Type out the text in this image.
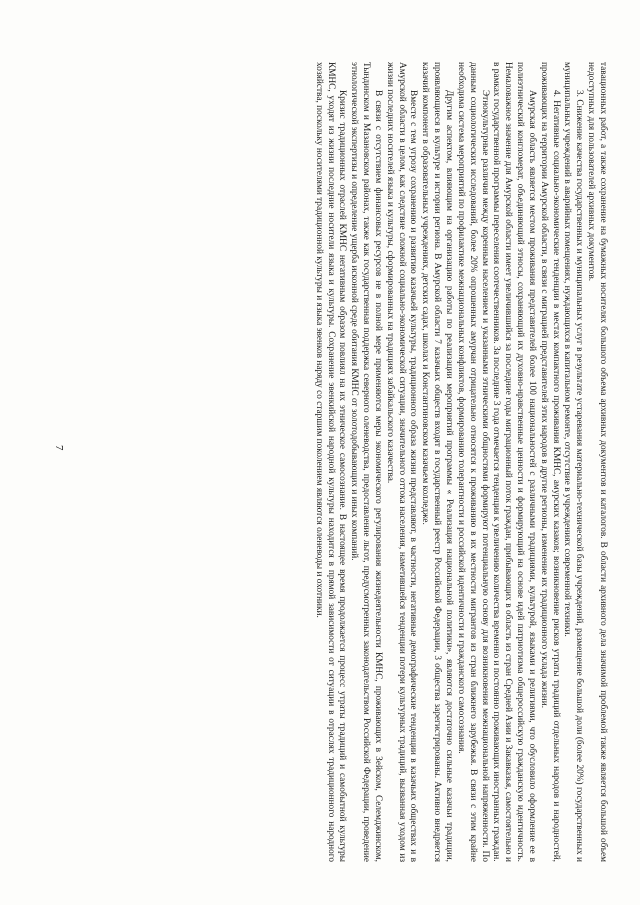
7	тавационных работ, а также сохранение на бумажных носителях большого объема архивных документов и каталогов. В области архивного дела значимой проблемой также является большой объем недоступных для пользователей архивных документов.

3. Снижение качества государственных и муниципальных услуг в результате устаревания материально-технической базы учреждений, размещение большой доли (более 20%) государственных и муниципальных учреждений в аварийных помещениях, нуждающихся в капитальном ремонте, отсутствие в учреждениях современной техники.

4. Негативные социально-экономические тенденции в местах компактного проживания КМНС, амурских казаков; возникновение рисков утраты традиций отдельных народов и народностей, проживающих на территории Амурской области, в связи с миграцией представителей этих народов в другие регионы, изменение их традиционного уклада жизни.

Амурская область является местом проживания представителей более 100 национальностей с различными традициями, культурой, языками и религиями, что обусловило оформление ее в полиэтнический конгломерат, объединяющий этносы, сохраняющий их духовно-нравственные ценности и формирующий на основе идей патриотизма общероссийскую гражданскую идентичность. Немаловажное значение для Амурской области имеет увеличившийся за последние годы миграционный поток граждан, прибывающих в область из стран Средней Азии и Закавказья, самостоятельно и в рамках государственной программы переселения соотечественников. За последние 3 года отмечается тенденция к увеличению количества временно и постоянно проживающих иностранных граждан.

Этнокультурные различия между коренным населением и указанными этническими общностями формируют потенциальную основу для возникновения межнациональной напряженности. По данным социологических исследований, более 20% опрошенных амурчан отрицательно относятся к проживанию в их местности мигрантов из стран ближнего зарубежья. В связи с этим крайне необходима система мероприятий по профилактике межнациональных конфликтов, формированию толерантности и российской идентичности и гражданского самосознания.

Другим аспектом, влияющим на организацию работы по реализации мероприятий программы « Реализация национальной политики», являются достаточно сильные казачьи традиции, проявляющиеся в культуре и истории региона. В Амурской области 7 казачьих обществ входят в государственный реестр Российской Федерации, 3 общества зарегистрированы. Активно внедряется казачий компонент в образовательных учреждениях, детских садах, школах и Константиновском казачьем колледже.

Вместе с тем угрозу сохранению и развитию казачьей культуры, традиционного образа жизни представляют, в частности, негативные демографические тенденции в казачьих обществах и в Амурской области в целом, как следствие сложной социально-экономической ситуации, значительного оттока населения, наметившейся тенденции потери культурных традиций, вызванная уходом из жизни последних носителей языка и культуры, сформированных на традициях забайкальского казачества.

В связи с отсутствием финансовых ресурсов не в полной мере применяются меры экономического регулирования жизнедеятельности КМНС, проживающих в Зейском, Селемджинском, Тындинском и Мазановском районах, также как государственная поддержка северного оленеводства, предоставление льгот, предусмотренных законодательством Российской Федерации, проведение этнологической экспертизы и определение ущерба исконной среде обитания КМНС от золотодобывающих и иных компаний.

Кризис традиционных отраслей КМНС негативным образом повлиял на их этническое самосознание. В настоящее время продолжается процесс утраты традиций и самобытной культуры КМНС, уходят из жизни последние носители языка и культуры. Сохранение эвенкийской народной культуры находится в прямой зависимости от ситуации в отраслях традиционного народного хозяйства, поскольку носителями традиционной культуры и языка эвенков наряду со старшим поколением являются оленеводы и охотники.
